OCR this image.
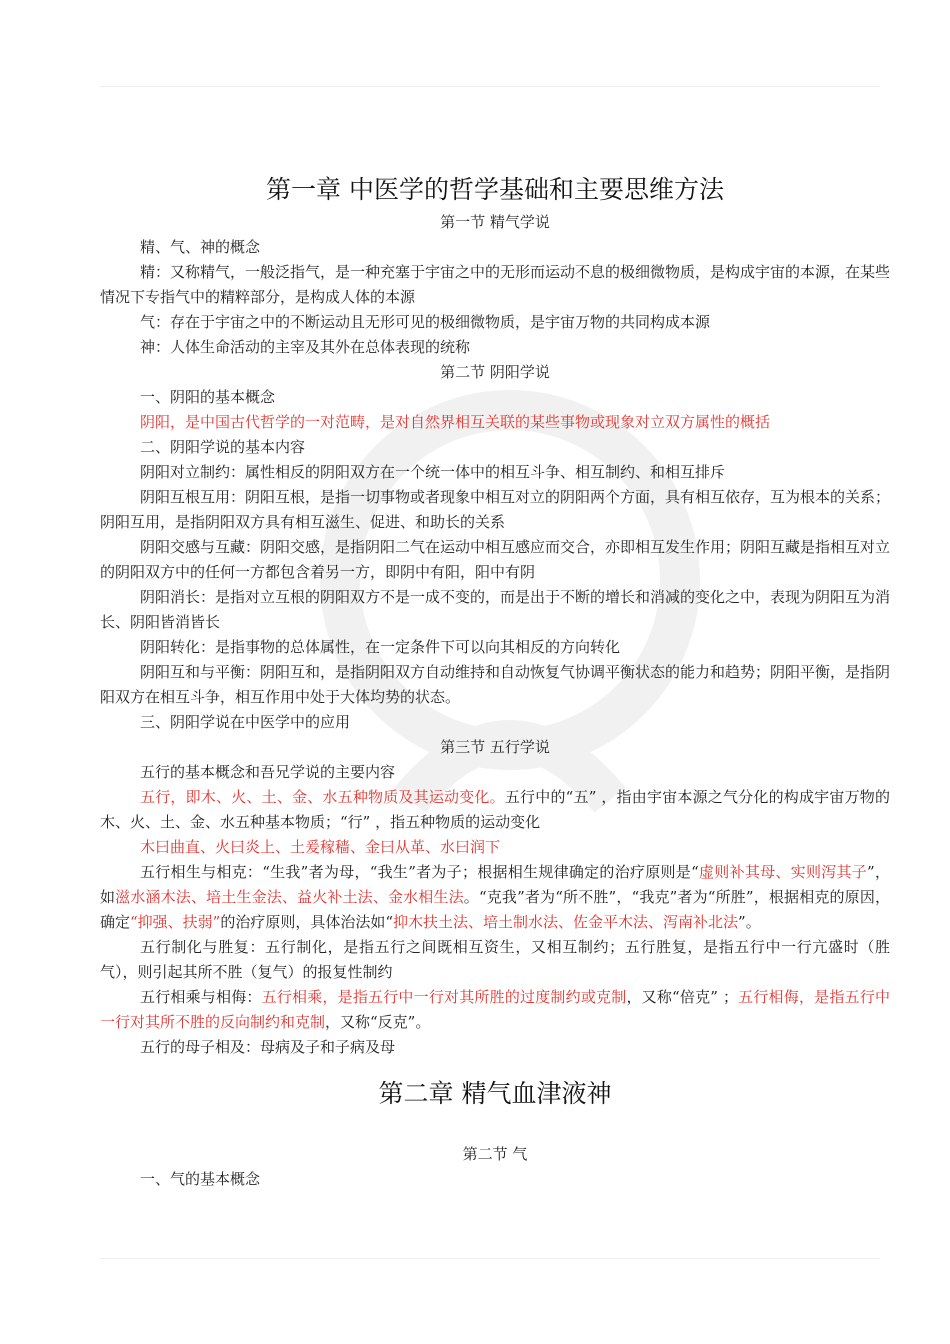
第一章 中医学的哲学基础和主要思维方法
第一节 精气学说

精、气、神的概念

精：又称精气，一般泛指气，是一种充塞于宇宙之中的无形而运动不息的极细微物质，是构成宇宙的本源，在某些情况下专指气中的精粹部分，是构成人体的本源

气：存在于宇宙之中的不断运动且无形可见的极细微物质，是宇宙万物的共同构成本源

神：人体生命活动的主宰及其外在总体表现的统称

第二节 阴阳学说

一、阴阳的基本概念

阴阳，是中国古代哲学的一对范畴，是对自然界相互关联的某些事物或现象对立双方属性的概括

二、阴阳学说的基本内容

阴阳对立制约：属性相反的阴阳双方在一个统一体中的相互斗争、相互制约、和相互排斥

阴阳互根互用：阴阳互根，是指一切事物或者现象中相互对立的阴阳两个方面，具有相互依存，互为根本的关系；阴阳互用，是指阴阳双方具有相互滋生、促进、和助长的关系

阴阳交感与互藏：阴阳交感，是指阴阳二气在运动中相互感应而交合，亦即相互发生作用；阴阳互藏是指相互对立的阴阳双方中的任何一方都包含着另一方，即阴中有阳，阳中有阴

阴阳消长：是指对立互根的阴阳双方不是一成不变的，而是出于不断的增长和消减的变化之中，表现为阴阳互为消长、阴阳皆消皆长

阴阳转化：是指事物的总体属性，在一定条件下可以向其相反的方向转化

阴阳互和与平衡：阴阳互和，是指阴阳双方自动维持和自动恢复气协调平衡状态的能力和趋势；阴阳平衡，是指阴阳双方在相互斗争，相互作用中处于大体均势的状态。

三、阴阳学说在中医学中的应用

第三节 五行学说

五行的基本概念和吾兄学说的主要内容

五行，即木、火、土、金、水五种物质及其运动变化。五行中的“五” ，指由宇宙本源之气分化的构成宇宙万物的木、火、土、金、水五种基本物质；“行” ，指五种物质的运动变化

木曰曲直、火曰炎上、土爰稼穑、金曰从革、水曰润下

五行相生与相克：“生我”者为母，“我生”者为子；根据相生规律确定的治疗原则是“虚则补其母、实则泻其子”，如滋水涵木法、培土生金法、益火补土法、金水相生法。“克我”者为“所不胜”，“我克”者为“所胜”，根据相克的原因，确定“抑强、扶弱”的治疗原则，具体治法如“抑木扶土法、培土制水法、佐金平木法、泻南补北法”。

五行制化与胜复：五行制化，是指五行之间既相互资生，又相互制约；五行胜复，是指五行中一行亢盛时（胜气），则引起其所不胜（复气）的报复性制约

五行相乘与相侮：五行相乘，是指五行中一行对其所胜的过度制约或克制，又称“倍克” ；五行相侮，是指五行中一行对其所不胜的反向制约和克制，又称“反克”。

五行的母子相及：母病及子和子病及母

第二章 精气血津液神
第二节 气

一、气的基本概念
